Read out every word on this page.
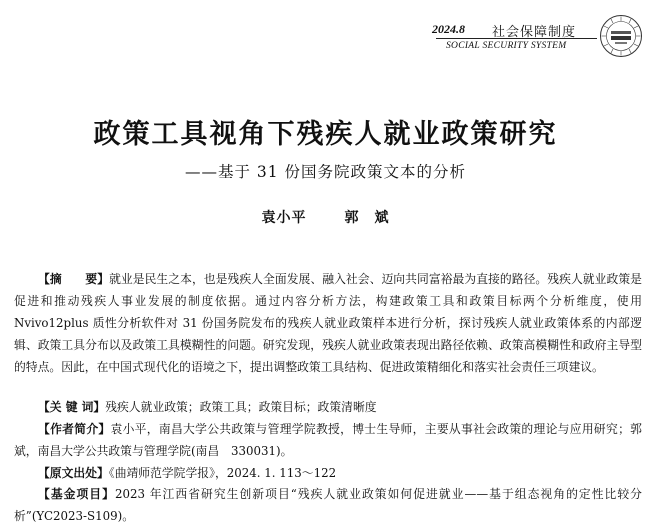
2024.8 社会保障制度
SOCIAL SECURITY SYSTEM
政策工具视角下残疾人就业政策研究
——基于 31 份国务院政策文本的分析
袁小平	郭　斌
【摘　　要】就业是民生之本，也是残疾人全面发展、融入社会、迈向共同富裕最为直接的路径。残疾人就业政策是促进和推动残疾人事业发展的制度依据。通过内容分析方法，构建政策工具和政策目标两个分析维度，使用 Nvivo12plus 质性分析软件对 31 份国务院发布的残疾人就业政策样本进行分析，探讨残疾人就业政策体系的内部逻辑、政策工具分布以及政策工具模糊性的问题。研究发现，残疾人就业政策表现出路径依赖、政策高模糊性和政府主导型的特点。因此，在中国式现代化的语境之下，提出调整政策工具结构、促进政策精细化和落实社会责任三项建议。
【关 键 词】残疾人就业政策；政策工具；政策目标；政策清晰度
【作者简介】袁小平，南昌大学公共政策与管理学院教授，博士生导师，主要从事社会政策的理论与应用研究；郭斌，南昌大学公共政策与管理学院(南昌　330031)。
【原文出处】《曲靖师范学院学报》，2024. 1. 113～122
【基金项目】2023 年江西省研究生创新项目“残疾人就业政策如何促进就业——基于组态视角的定性比较分析”(YC2023-S109)。
